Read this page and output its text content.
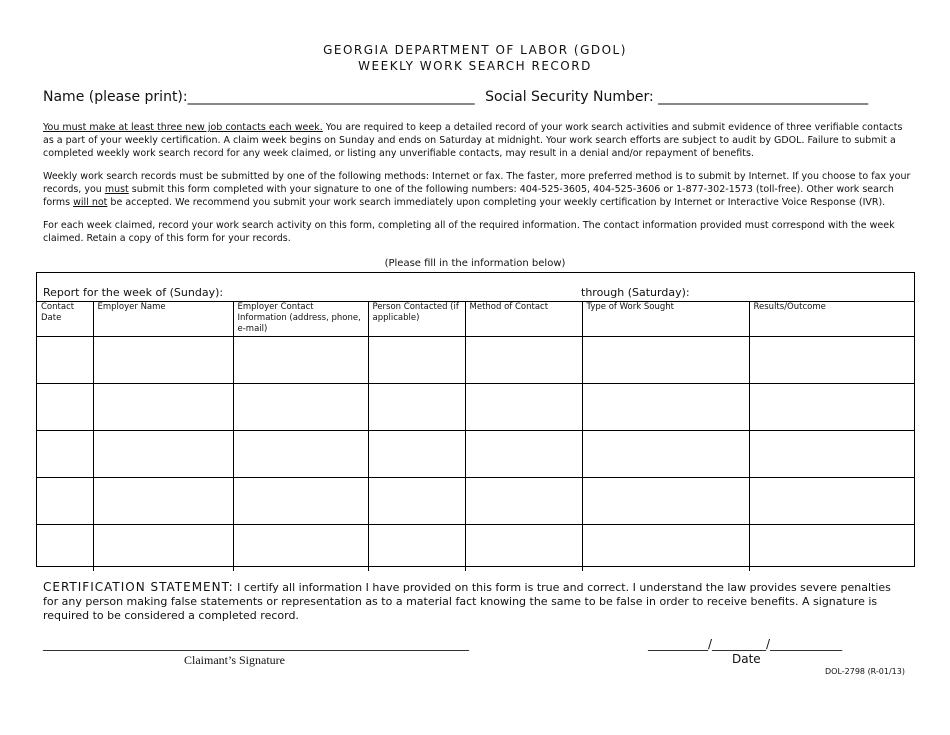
GEORGIA DEPARTMENT OF LABOR (GDOL)
WEEKLY WORK SEARCH RECORD
Name (please print):_________________________________________ Social Security Number: ______________________________

You must make at least three new job contacts each week. You are required to keep a detailed record of your work search activities and submit evidence of three verifiable contacts as a part of your weekly certification. A claim week begins on Sunday and ends on Saturday at midnight. Your work search efforts are subject to audit by GDOL. Failure to submit a completed weekly work search record for any week claimed, or listing any unverifiable contacts, may result in a denial and/or repayment of benefits.

Weekly work search records must be submitted by one of the following methods: Internet or fax. The faster, more preferred method is to submit by Internet. If you choose to fax your records, you must submit this form completed with your signature to one of the following numbers: 404-525-3605, 404-525-3606 or 1-877-302-1573 (toll-free). Other work search forms will not be accepted. We recommend you submit your work search immediately upon completing your weekly certification by Internet or Interactive Voice Response (IVR).

For each week claimed, record your work search activity on this form, completing all of the required information. The contact information provided must correspond with the week claimed. Retain a copy of this form for your records.

(Please fill in the information below)
Report for the week of (Sunday):	through (Saturday):
Contact Date	Employer Name	Employer Contact Information (address, phone, e-mail)	Person Contacted (if applicable)	Method of Contact	Type of Work Sought	Results/Outcome

CERTIFICATION STATEMENT: I certify all information I have provided on this form is true and correct. I understand the law provides severe penalties for any person making false statements or representation as to a material fact knowing the same to be false in order to receive benefits. A signature is required to be considered a completed record.

_______________________________________________________________________
Claimant’s Signature
__________/_________/____________
Date
DOL-2798 (R-01/13)
